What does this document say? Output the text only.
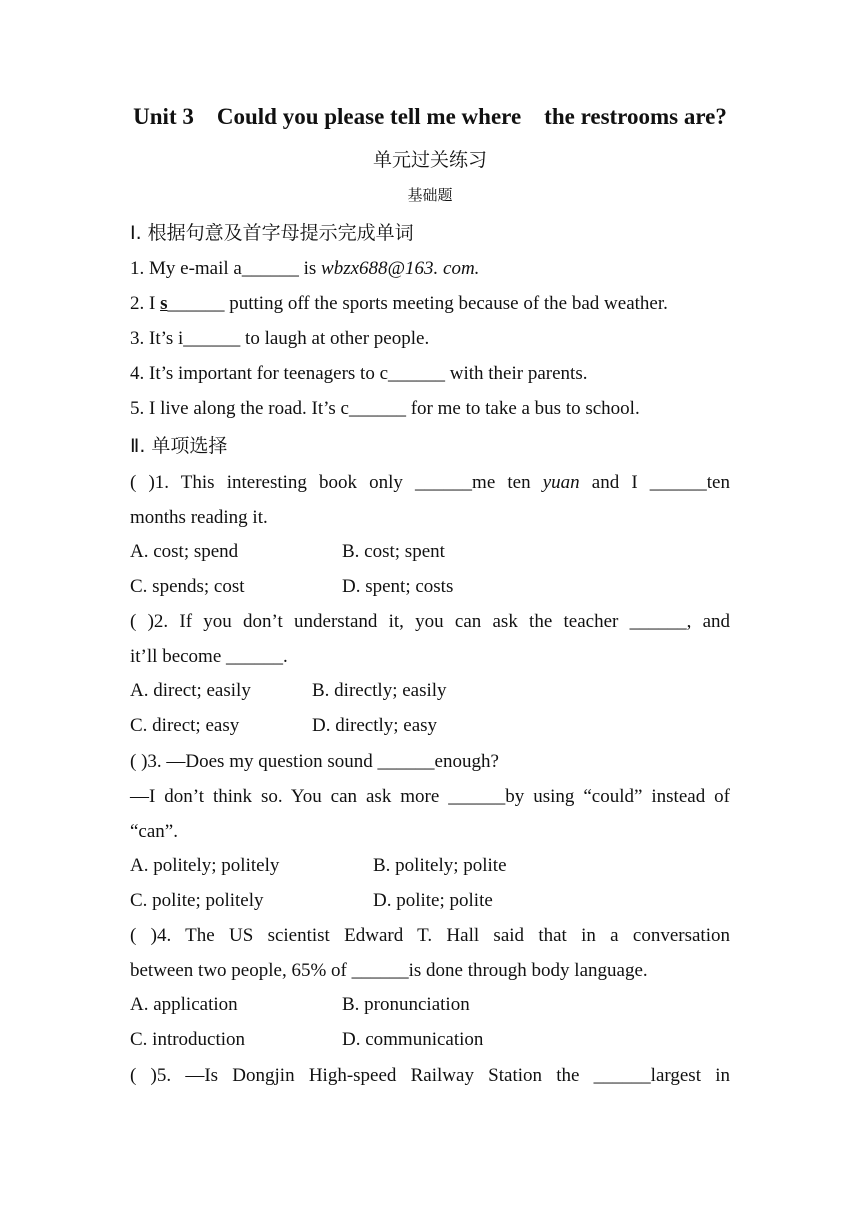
Unit 3    Could you please tell me where    the restrooms are?
单元过关练习
基础题
Ⅰ. 根据句意及首字母提示完成单词
1. My e-mail a______ is wbzx688@163. com.
2. I s______ putting off the sports meeting because of the bad weather.
3. It’s i______ to laugh at other people.
4. It’s important for teenagers to c______ with their parents.
5. I live along the road. It’s c______ for me to take a bus to school.
Ⅱ. 单项选择
( )1. This interesting book only ______me ten yuan and I ______ten
months reading it.
A. cost; spend	B. cost; spent
C. spends; cost	D. spent; costs
( )2. If you don’t understand it, you can ask the teacher ______, and
it’ll become ______.
A. direct; easily	B. directly; easily
C. direct; easy	D. directly; easy
( )3. —Does my question sound ______enough?
—I don’t think so. You can ask more ______by using “could” instead of
“can”.
A. politely; politely	B. politely; polite
C. polite; politely	D. polite; polite
( )4. The US scientist Edward T. Hall said that in a conversation
between two people, 65% of ______is done through body language.
A. application	B. pronunciation
C. introduction	D. communication
( )5. —Is Dongjin High-speed Railway Station the ______largest in
